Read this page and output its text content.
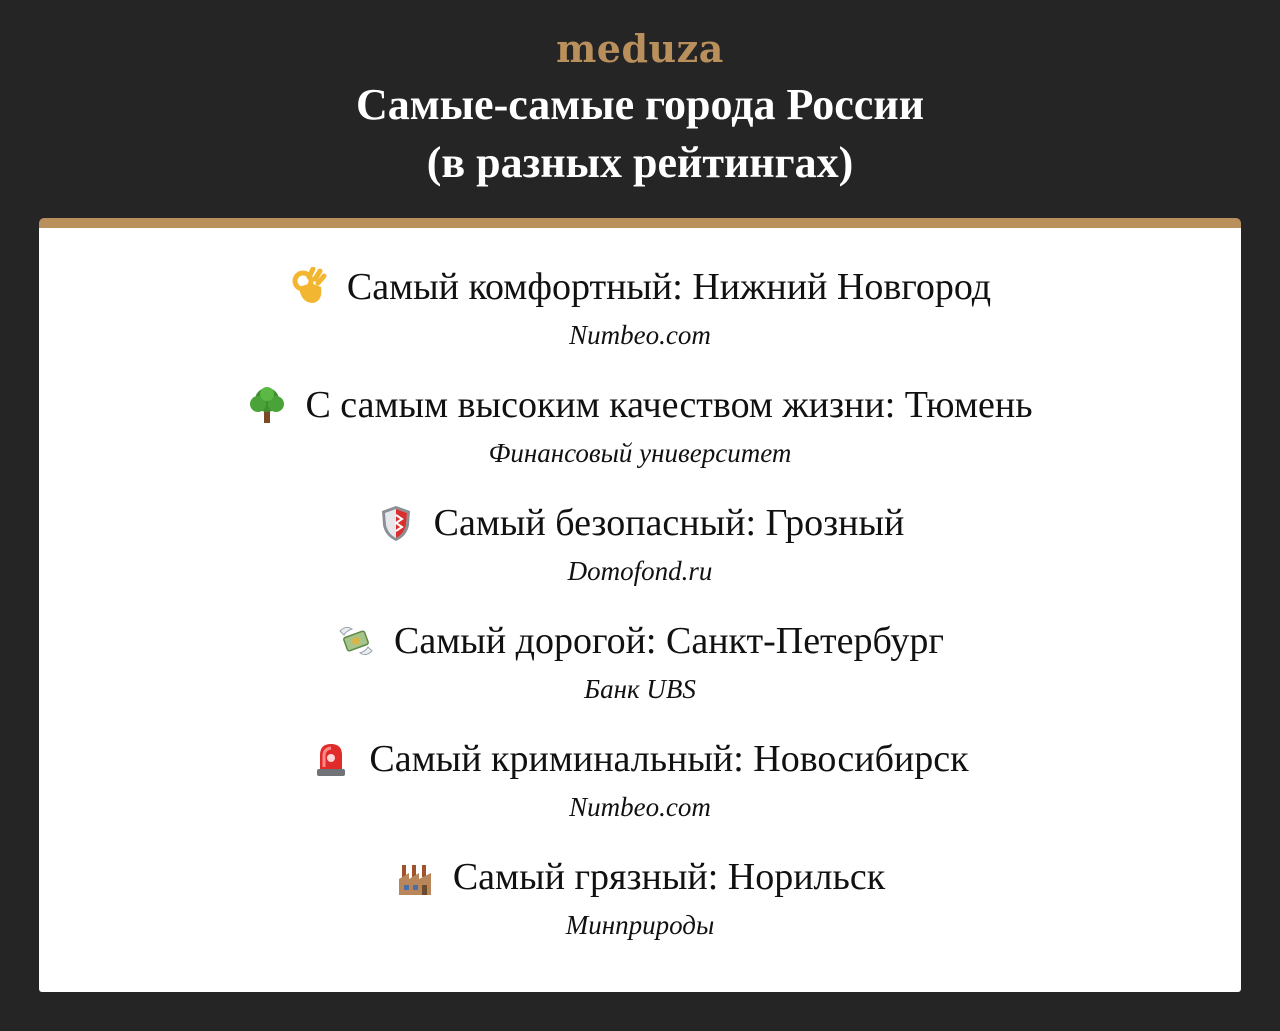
meduza
Самые-самые города России
(в разных рейтингах)
Самый комфортный: Нижний Новгород
Numbeo.com
С самым высоким качеством жизни: Тюмень
Финансовый университет
Самый безопасный: Грозный
Domofond.ru
Самый дорогой: Санкт-Петербург
Банк UBS
Самый криминальный: Новосибирск
Numbeo.com
Самый грязный: Норильск
Минприроды
